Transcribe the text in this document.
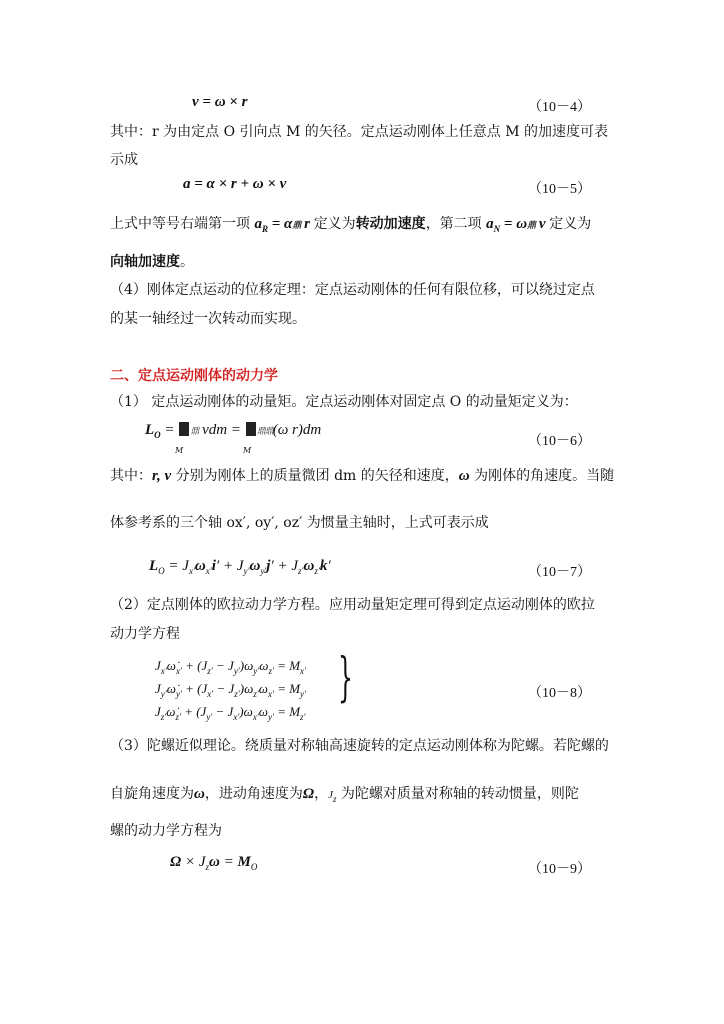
v = ω × r	（10－4）
其中：r 为由定点 O 引向点 M 的矢径。定点运动刚体上任意点 M 的加速度可表
示成
a = α × r + ω × v	（10－5）
上式中等号右端第一项 $a_R = \alpha$鼎 r 定义为转动加速度，第二项 $a_N = \omega$鼎 v 定义为
向轴加速度。
（4）刚体定点运动的位移定理：定点运动刚体的任何有限位移，可以绕过定点
的某一轴经过一次转动而实现。
二、定点运动刚体的动力学
（1） 定点运动刚体的动量矩。定点运动刚体对固定点 O 的动量矩定义为：
$L_O$ = 鼎 vdm = 鼎鼎(ω r)dm
M	M
（10－6）
其中：r, v 分别为刚体上的质量微团 dm 的矢径和速度，ω 为刚体的角速度。当随
体参考系的三个轴 ox′, oy′, oz′ 为惯量主轴时，上式可表示成
$L_O = J_{x'}\omega_{x'}i' + J_{y'}\omega_{y'}j' + J_{z'}\omega_{z'}k'$	（10－7）
（2）定点刚体的欧拉动力学方程。应用动量矩定理可得到定点运动刚体的欧拉
动力学方程
$J_{x'}\omegȧ_{x'} + (J_{z'} - J_{y'})\omega_{y'}\omega_{z'} = M_{x'}$
$J_{y'}\omegȧ_{y'} + (J_{x'} - J_{z'})\omega_{z'}\omega_{x'} = M_{y'}$
$J_{z'}\omegȧ_{z'} + (J_{y'} - J_{x'})\omega_{x'}\omega_{y'} = M_{z'}$
}	（10－8）
（3）陀螺近似理论。绕质量对称轴高速旋转的定点运动刚体称为陀螺。若陀螺的
自旋角速度为ω，进动角速度为Ω，$J_z$ 为陀螺对质量对称轴的转动惯量，则陀
螺的动力学方程为
$\Omega \times J_z\omega = M_O$	（10－9）
